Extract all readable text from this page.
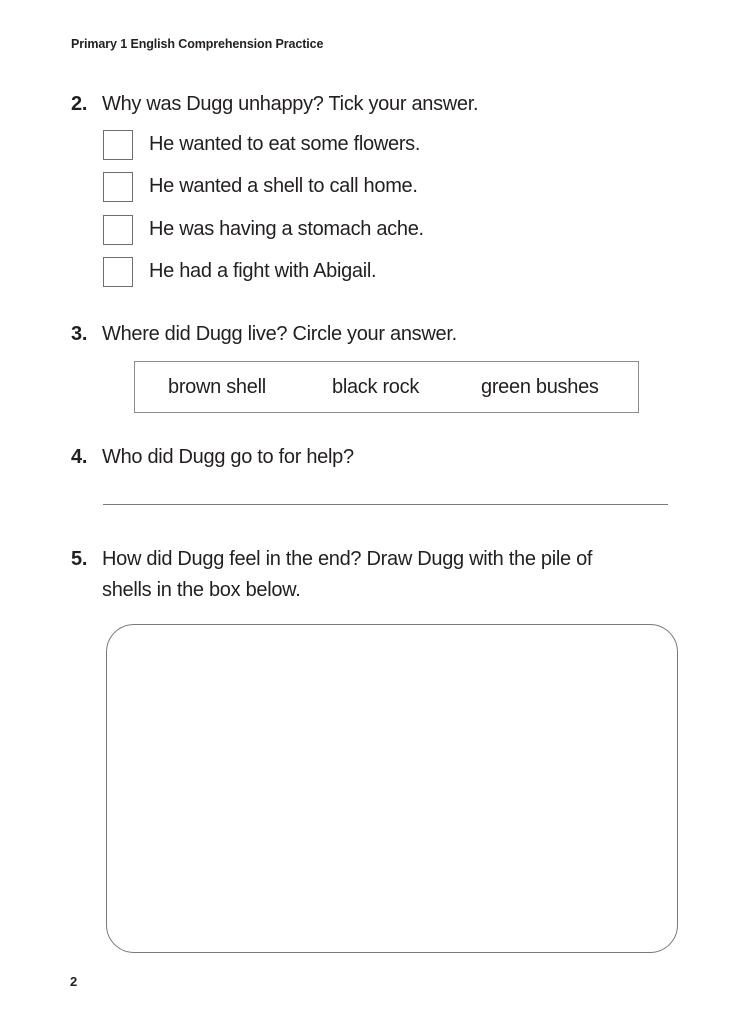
Primary 1 English Comprehension Practice
2. Why was Dugg unhappy? Tick your answer.
He wanted to eat some flowers.
He wanted a shell to call home.
He was having a stomach ache.
He had a fight with Abigail.
3. Where did Dugg live? Circle your answer.
brown shell	black rock	green bushes
4. Who did Dugg go to for help?
5. How did Dugg feel in the end? Draw Dugg with the pile of
shells in the box below.
2
